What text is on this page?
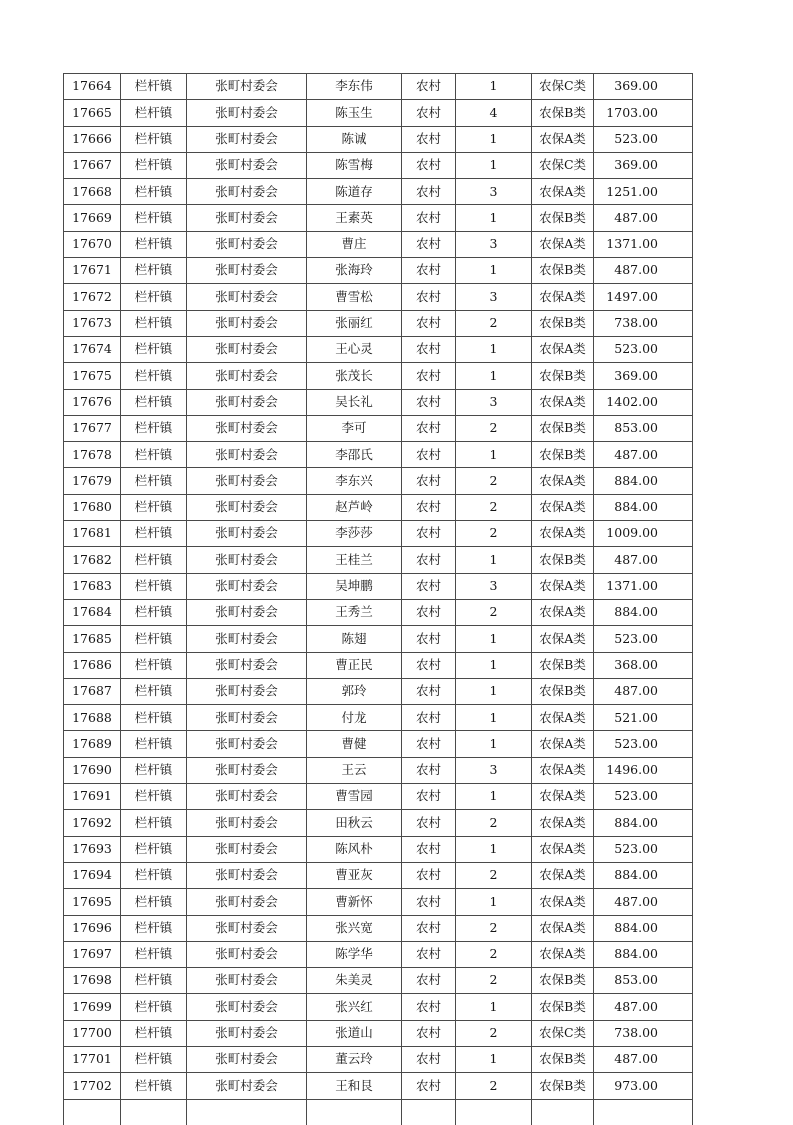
17664	栏杆镇	张町村委会	李东伟	农村	1	农保C类	369.00
17665	栏杆镇	张町村委会	陈玉生	农村	4	农保B类	1703.00
17666	栏杆镇	张町村委会	陈诚	农村	1	农保A类	523.00
17667	栏杆镇	张町村委会	陈雪梅	农村	1	农保C类	369.00
17668	栏杆镇	张町村委会	陈道存	农村	3	农保A类	1251.00
17669	栏杆镇	张町村委会	王素英	农村	1	农保B类	487.00
17670	栏杆镇	张町村委会	曹庄	农村	3	农保A类	1371.00
17671	栏杆镇	张町村委会	张海玲	农村	1	农保B类	487.00
17672	栏杆镇	张町村委会	曹雪松	农村	3	农保A类	1497.00
17673	栏杆镇	张町村委会	张丽红	农村	2	农保B类	738.00
17674	栏杆镇	张町村委会	王心灵	农村	1	农保A类	523.00
17675	栏杆镇	张町村委会	张茂长	农村	1	农保B类	369.00
17676	栏杆镇	张町村委会	吴长礼	农村	3	农保A类	1402.00
17677	栏杆镇	张町村委会	李可	农村	2	农保B类	853.00
17678	栏杆镇	张町村委会	李邵氏	农村	1	农保B类	487.00
17679	栏杆镇	张町村委会	李东兴	农村	2	农保A类	884.00
17680	栏杆镇	张町村委会	赵芦岭	农村	2	农保A类	884.00
17681	栏杆镇	张町村委会	李莎莎	农村	2	农保A类	1009.00
17682	栏杆镇	张町村委会	王桂兰	农村	1	农保B类	487.00
17683	栏杆镇	张町村委会	吴坤鹏	农村	3	农保A类	1371.00
17684	栏杆镇	张町村委会	王秀兰	农村	2	农保A类	884.00
17685	栏杆镇	张町村委会	陈翅	农村	1	农保A类	523.00
17686	栏杆镇	张町村委会	曹正民	农村	1	农保B类	368.00
17687	栏杆镇	张町村委会	郭玲	农村	1	农保B类	487.00
17688	栏杆镇	张町村委会	付龙	农村	1	农保A类	521.00
17689	栏杆镇	张町村委会	曹健	农村	1	农保A类	523.00
17690	栏杆镇	张町村委会	王云	农村	3	农保A类	1496.00
17691	栏杆镇	张町村委会	曹雪园	农村	1	农保A类	523.00
17692	栏杆镇	张町村委会	田秋云	农村	2	农保A类	884.00
17693	栏杆镇	张町村委会	陈风朴	农村	1	农保A类	523.00
17694	栏杆镇	张町村委会	曹亚灰	农村	2	农保A类	884.00
17695	栏杆镇	张町村委会	曹新怀	农村	1	农保A类	487.00
17696	栏杆镇	张町村委会	张兴宽	农村	2	农保A类	884.00
17697	栏杆镇	张町村委会	陈学华	农村	2	农保A类	884.00
17698	栏杆镇	张町村委会	朱美灵	农村	2	农保B类	853.00
17699	栏杆镇	张町村委会	张兴红	农村	1	农保B类	487.00
17700	栏杆镇	张町村委会	张道山	农村	2	农保C类	738.00
17701	栏杆镇	张町村委会	董云玲	农村	1	农保B类	487.00
17702	栏杆镇	张町村委会	王和艮	农村	2	农保B类	973.00
